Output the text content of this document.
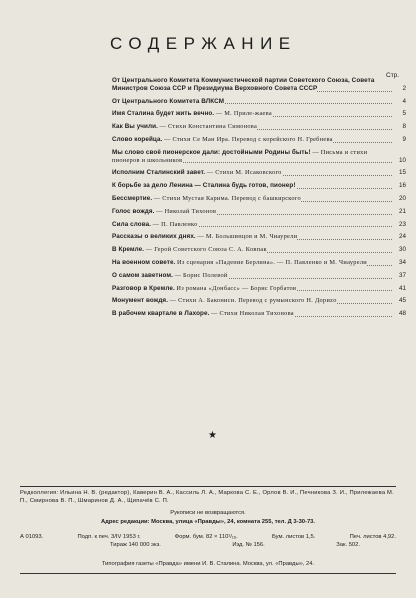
СОДЕРЖАНИЕ
Стр.
От Центрального Комитета Коммунистической партии Советского Союза, Совета Министров Союза ССР и Президиума Верховного Совета СССР	2
От Центрального Комитета ВЛКСМ	4
Имя Сталина будет жить вечно. — М. Приле-жаева	5
Как Вы учили. — Стихи Константина Симонова	8
Слово корейца. — Стихи Се Ман Ира. Перевод с корейского Н. Гребнева	9
Мы слово своё пионерское дали: достойными Родины быть! — Письма и стихи пионеров и школьников	10
Исполним Сталинский завет. — Стихи М. Исаковского	15
К борьбе за дело Ленина — Сталина будь готов, пионер!	16
Бессмертие. — Стихи Мустая Карима. Перевод с башкирского	20
Голос вождя. — Николай Тихонов	21
Сила слова. — П. Павленко	23
Рассказы о великих днях. — М. Большинцов и М. Чиаурели	24
В Кремле. — Герой Советского Союза С. А. Ковпак	30
На военном совете. Из сценария «Падение Берлина». — П. Павленко и М. Чиаурели	34
О самом заветном. — Борис Полевой	37
Разговор в Кремле. Из романа «Донбасс» — Борис Горбатов	41
Монумент вождя. — Стихи А. Бакониси. Перевод с румынского Н. Дориzo	45
В рабочем квартале в Лахоре. — Стихи Николая Тихонова	48
★
Редколлегия: Ильина Н. В. (редактор), Каверин В. А., Кассиль Л. А., Маркова С. Е., Орлов В. И., Печникова З. И., Прилежаева М. П., Смирнова В. П., Шмаринов Д. А., Щипачёв С. П.
Рукописи не возвращаются.
Адрес редакции: Москва, улица «Правды», 24, комната 255, тел. Д 3-30-73.
А 01093.	Подп. к печ. 3/IV 1953 г.	Форм. бум. 82 × 110¹/₁₆.	Бум. листов 1,5.	Печ. листов 4,92.
Тираж 140 000 экз.	Изд. № 156.	Зак. 502.
Типография газеты «Правда» имени И. В. Сталина. Москва, ул. «Правды», 24.
